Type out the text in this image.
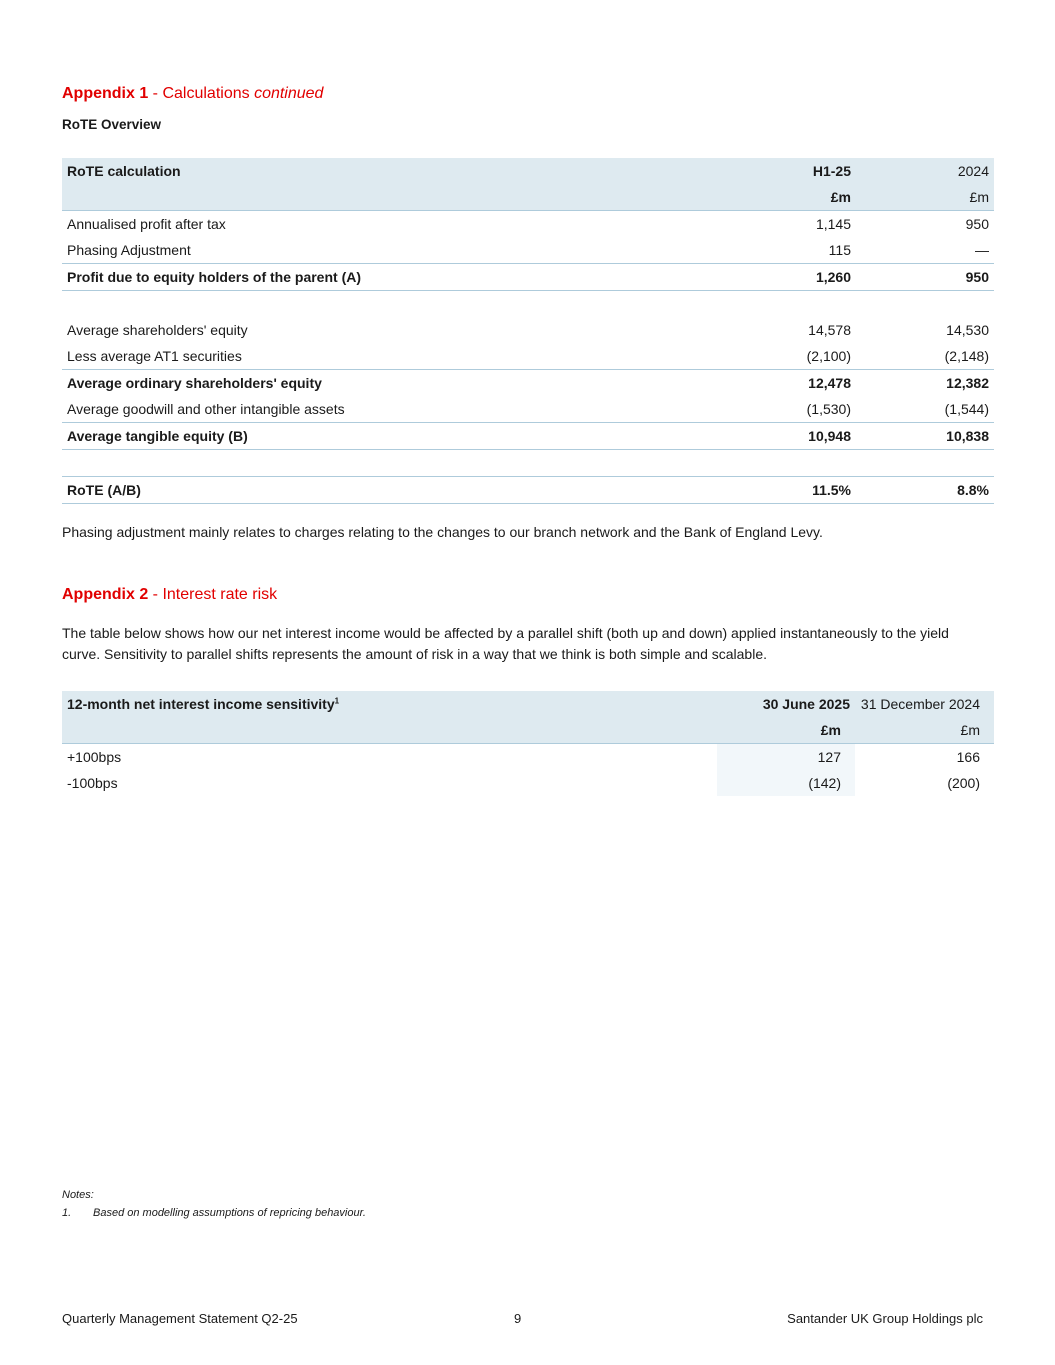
Appendix 1 - Calculations continued
RoTE Overview
RoTE calculation	H1-25	2024
	£m	£m
Annualised profit after tax	1,145	950
Phasing Adjustment	115	—
Profit due to equity holders of the parent (A)	1,260	950

Average shareholders' equity	14,578	14,530
Less average AT1 securities	(2,100)	(2,148)
Average ordinary shareholders' equity	12,478	12,382
Average goodwill and other intangible assets	(1,530)	(1,544)
Average tangible equity (B)	10,948	10,838

RoTE (A/B)	11.5%	8.8%
Phasing adjustment mainly relates to charges relating to the changes to our branch network and the Bank of England Levy.
Appendix 2 - Interest rate risk
The table below shows how our net interest income would be affected by a parallel shift (both up and down) applied instantaneously to the yield
curve. Sensitivity to parallel shifts represents the amount of risk in a way that we think is both simple and scalable.
12-month net interest income sensitivity$^1$	30 June 2025	31 December 2024
	£m	£m
+100bps	127	166
-100bps	(142)	(200)
Notes:
1. Based on modelling assumptions of repricing behaviour.
Quarterly Management Statement Q2-25	9	Santander UK Group Holdings plc
